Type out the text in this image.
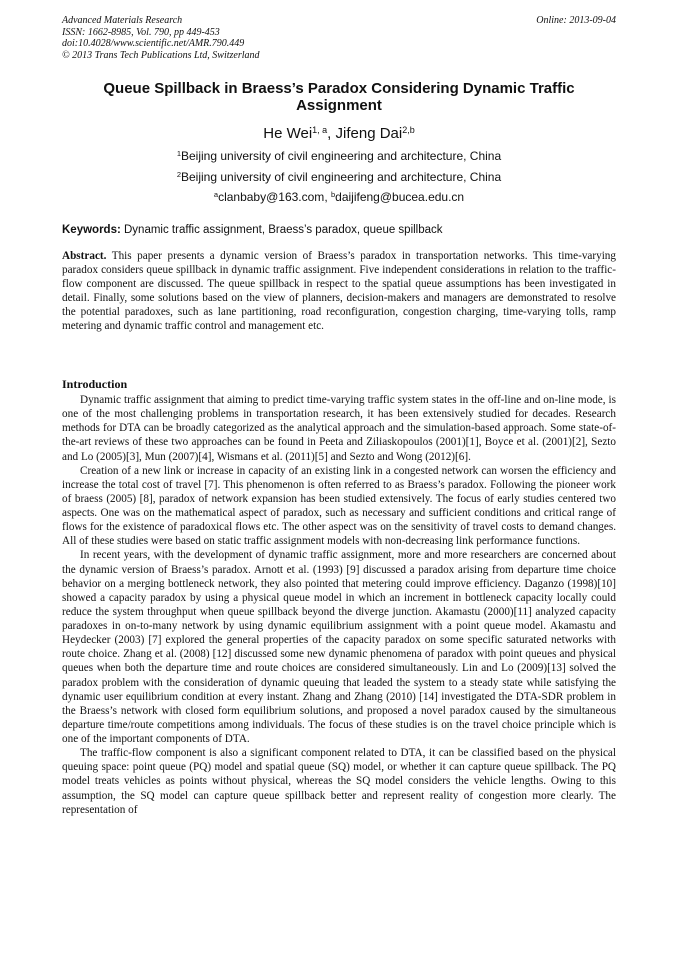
Advanced Materials Research
ISSN: 1662-8985, Vol. 790, pp 449-453
doi:10.4028/www.scientific.net/AMR.790.449
© 2013 Trans Tech Publications Ltd, Switzerland
Online: 2013-09-04
Queue Spillback in Braess’s Paradox Considering Dynamic Traffic Assignment
He Wei$^{1, a}$, Jifeng Dai$^{2,b}$
$^1$Beijing university of civil engineering and architecture, China
$^2$Beijing university of civil engineering and architecture, China
$^a$clanbaby@163.com, $^b$daijifeng@bucea.edu.cn
Keywords: Dynamic traffic assignment, Braess’s paradox, queue spillback

Abstract. This paper presents a dynamic version of Braess’s paradox in transportation networks. This time-varying paradox considers queue spillback in dynamic traffic assignment. Five independent considerations in relation to the traffic-flow component are discussed. The queue spillback in respect to the spatial queue assumptions has been investigated in detail. Finally, some solutions based on the view of planners, decision-makers and managers are demonstrated to resolve the potential paradoxes, such as lane partitioning, road reconfiguration, congestion charging, time-varying tolls, ramp metering and dynamic traffic control and management etc.

Introduction

Dynamic traffic assignment that aiming to predict time-varying traffic system states in the off-line and on-line mode, is one of the most challenging problems in transportation research, it has been extensively studied for decades. Research methods for DTA can be broadly categorized as the analytical approach and the simulation-based approach. Some state-of-the-art reviews of these two approaches can be found in Peeta and Ziliaskopoulos (2001)[1], Boyce et al. (2001)[2], Sezto and Lo (2005)[3], Mun (2007)[4], Wismans et al. (2011)[5] and Sezto and Wong (2012)[6].

Creation of a new link or increase in capacity of an existing link in a congested network can worsen the efficiency and increase the total cost of travel [7]. This phenomenon is often referred to as Braess’s paradox. Following the pioneer work of braess (2005) [8], paradox of network expansion has been studied extensively. The focus of early studies centered two aspects. One was on the mathematical aspect of paradox, such as necessary and sufficient conditions and critical range of flows for the existence of paradoxical flows etc. The other aspect was on the sensitivity of travel costs to demand changes. All of these studies were based on static traffic assignment models with non-decreasing link performance functions.

In recent years, with the development of dynamic traffic assignment, more and more researchers are concerned about the dynamic version of Braess’s paradox. Arnott et al. (1993) [9] discussed a paradox arising from departure time choice behavior on a merging bottleneck network, they also pointed that metering could improve efficiency. Daganzo (1998)[10] showed a capacity paradox by using a physical queue model in which an increment in bottleneck capacity locally could reduce the system throughput when queue spillback beyond the diverge junction. Akamastu (2000)[11] analyzed capacity paradoxes in on-to-many network by using dynamic equilibrium assignment with a point queue model. Akamastu and Heydecker (2003) [7] explored the general properties of the capacity paradox on some specific saturated networks with route choice. Zhang et al. (2008) [12] discussed some new dynamic phenomena of paradox with point queues and physical queues when both the departure time and route choices are considered simultaneously. Lin and Lo (2009)[13] solved the paradox problem with the consideration of dynamic queuing that leaded the system to a steady state while satisfying the dynamic user equilibrium condition at every instant. Zhang and Zhang (2010) [14] investigated the DTA-SDR problem in the Braess’s network with closed form equilibrium solutions, and proposed a novel paradox caused by the simultaneous departure time/route competitions among individuals. The focus of these studies is on the travel choice principle which is one of the important components of DTA.

The traffic-flow component is also a significant component related to DTA, it can be classified based on the physical queuing space: point queue (PQ) model and spatial queue (SQ) model, or whether it can capture queue spillback. The PQ model treats vehicles as points without physical, whereas the SQ model considers the vehicle lengths. Owing to this assumption, the SQ model can capture queue spillback better and represent reality of congestion more clearly. The representation of
